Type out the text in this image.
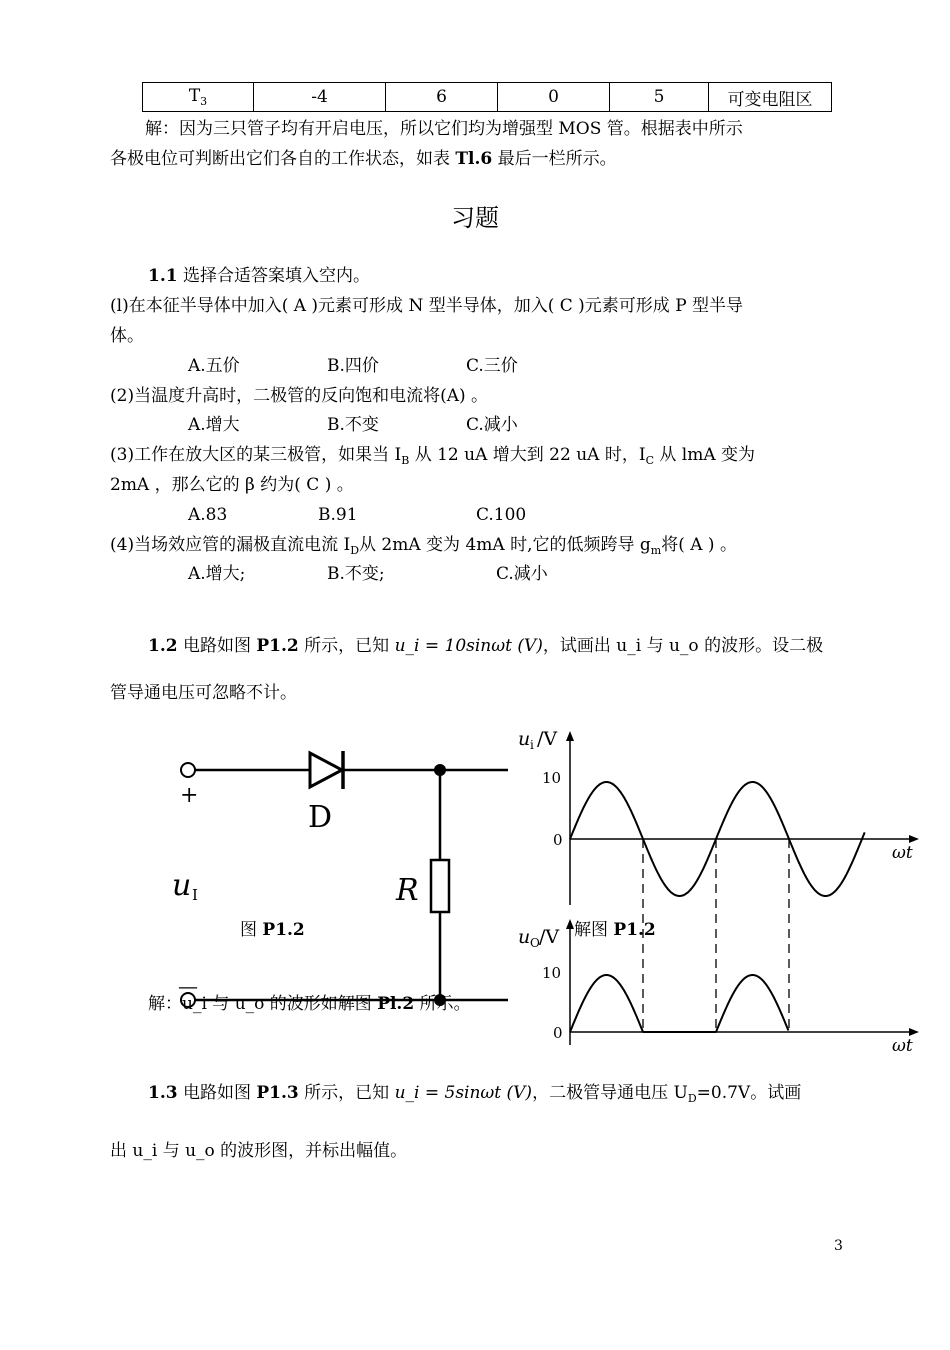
$T_3$	-4	6	0	5	可变电阻区
解：因为三只管子均有开启电压，所以它们均为增强型 MOS 管。根据表中所示
各极电位可判断出它们各自的工作状态，如表 Tl.6 最后一栏所示。
习题
1.1 选择合适答案填入空内。
(l)在本征半导体中加入( A )元素可形成 N 型半导体，加入( C )元素可形成 P 型半导
体。
A.五价	B.四价	C.三价
(2)当温度升高时，二极管的反向饱和电流将(A) 。
A.增大	B.不变	C.减小
(3)工作在放大区的某三极管，如果当 $I_B$ 从 12 uA 增大到 22 uA 时，$I_C$ 从 lmA 变为
2mA ，那么它的 β 约为( C ) 。
A.83	B.91	C.100
(4)当场效应管的漏极直流电流 $I_D$从 2mA 变为 4mA 时,它的低频跨导 $g_m$将( A ) 。
A.增大;	B.不变;	C.减小
1.2 电路如图 P1.2 所示，已知 u_i = 10sinωt (V)，试画出 u_i 与 u_o 的波形。设二极
管导通电压可忽略不计。
+
—
D
u I	R
图 P1.2
u i /V
10
0
ωt
u O /V
10
0
ωt
解图 P1.2
解：u_i 与 u_o 的波形如解图 Pl.2 所示。
1.3 电路如图 P1.3 所示，已知 u_i = 5sinωt (V)，二极管导通电压 $U_D=0.7V$。试画
出 u_i 与 u_o 的波形图，并标出幅值。
3
